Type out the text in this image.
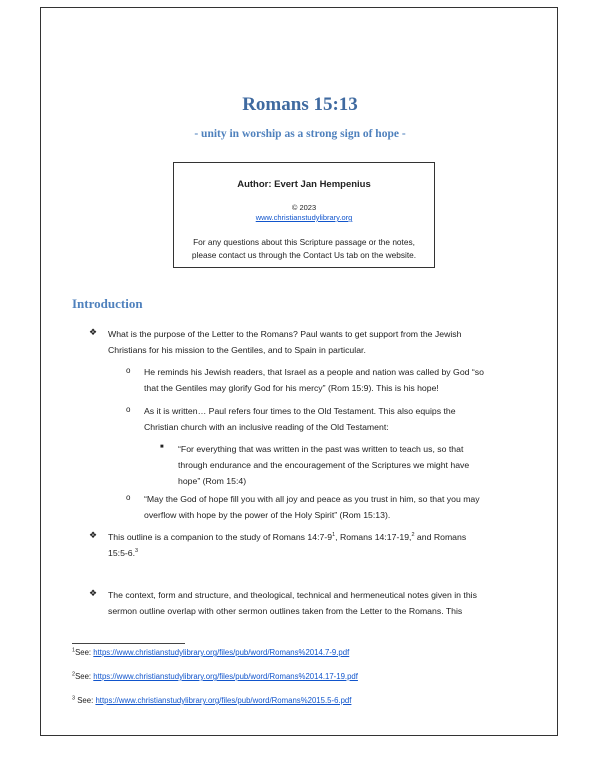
Romans 15:13
- unity in worship as a strong sign of hope -
Author: Evert Jan Hempenius
© 2023
www.christianstudylibrary.org
For any questions about this Scripture passage or the notes,
please contact us through the Contact Us tab on the website.
Introduction
❖ What is the purpose of the Letter to the Romans? Paul wants to get support from the Jewish
Christians for his mission to the Gentiles, and to Spain in particular.
o He reminds his Jewish readers, that Israel as a people and nation was called by God “so
that the Gentiles may glorify God for his mercy” (Rom 15:9). This is his hope!
o As it is written… Paul refers four times to the Old Testament. This also equips the
Christian church with an inclusive reading of the Old Testament:
■ “For everything that was written in the past was written to teach us, so that
through endurance and the encouragement of the Scriptures we might have
hope” (Rom 15:4)
o “May the God of hope fill you with all joy and peace as you trust in him, so that you may
overflow with hope by the power of the Holy Spirit” (Rom 15:13).
❖ This outline is a companion to the study of Romans $14:7-9^1$, Romans 14:17-19,$^2$ and Romans
15:5-6.$^3$
❖ The context, form and structure, and theological, technical and hermeneutical notes given in this
sermon outline overlap with other sermon outlines taken from the Letter to the Romans. This
$^1$See: https://www.christianstudylibrary.org/files/pub/word/Romans%2014.7-9.pdf
$^2$See: https://www.christianstudylibrary.org/files/pub/word/Romans%2014.17-19.pdf
$^3$ See: https://www.christianstudylibrary.org/files/pub/word/Romans%2015.5-6.pdf
